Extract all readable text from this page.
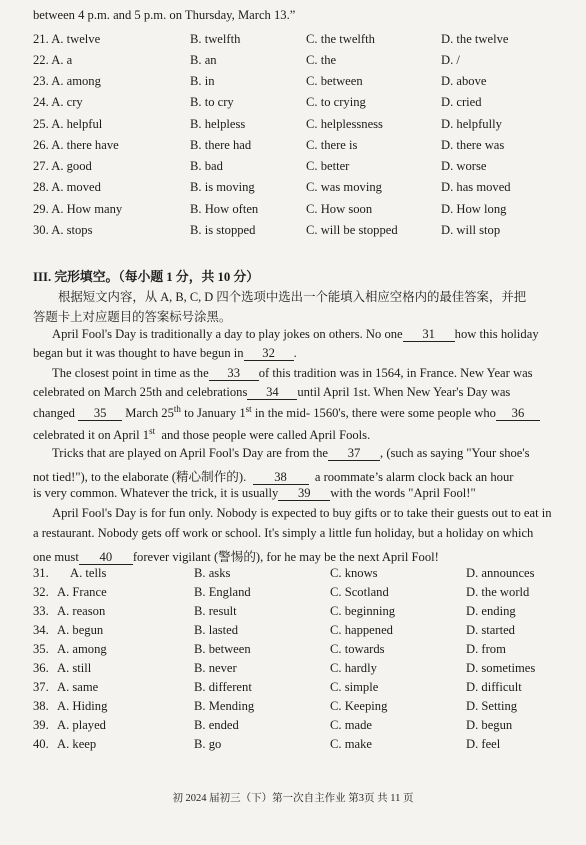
between 4 p.m. and 5 p.m. on Thursday, March 13.”
21. A. twelve	B. twelfth	C. the twelfth	D. the twelve
22. A. a	B. an	C. the	D. /
23. A. among	B. in	C. between	D. above
24. A. cry	B. to cry	C. to crying	D. cried
25. A. helpful	B. helpless	C. helplessness	D. helpfully
26. A. there have	B. there had	C. there is	D. there was
27. A. good	B. bad	C. better	D. worse
28. A. moved	B. is moving	C. was moving	D. has moved
29. A. How many	B. How often	C. How soon	D. How long
30. A. stops	B. is stopped	C. will be stopped	D. will stop
III. 完形填空。（每小题 1 分，共 10 分）
根据短文内容，从 A, B, C, D 四个选项中选出一个能填入相应空格内的最佳答案，并把
答题卡上对应题目的答案标号涂黑。
April Fool's Day is traditionally a day to play jokes on others. No one 31 how this holiday
began but it was thought to have begun in 32 .
The closest point in time as the 33 of this tradition was in 1564, in France. New Year was
celebrated on March 25th and celebrations 34 until April 1st. When New Year's Day was
changed 35 March 25th to January 1st in the mid- 1560's, there were some people who 36
celebrated it on April 1st and those people were called April Fools.
Tricks that are played on April Fool's Day are from the 37 , (such as saying "Your shoe's
not tied!"), to the elaborate (精心制作的). 38 a roommate’s alarm clock back an hour
is very common. Whatever the trick, it is usually 39 with the words "April Fool!"
April Fool's Day is for fun only. Nobody is expected to buy gifts or to take their guests out to eat in
a restaurant. Nobody gets off work or school. It's simply a little fun holiday, but a holiday on which
one must 40 forever vigilant (警惕的), for he may be the next April Fool!
31. A. tells	B. asks	C. knows	D. announces
32. A. France	B. England	C. Scotland	D. the world
33. A. reason	B. result	C. beginning	D. ending
34. A. begun	B. lasted	C. happened	D. started
35. A. among	B. between	C. towards	D. from
36. A. still	B. never	C. hardly	D. sometimes
37. A. same	B. different	C. simple	D. difficult
38. A. Hiding	B. Mending	C. Keeping	D. Setting
39. A. played	B. ended	C. made	D. begun
40. A. keep	B. go	C. make	D. feel
初 2024 届初三（下）第一次自主作业 第3页 共 11 页
